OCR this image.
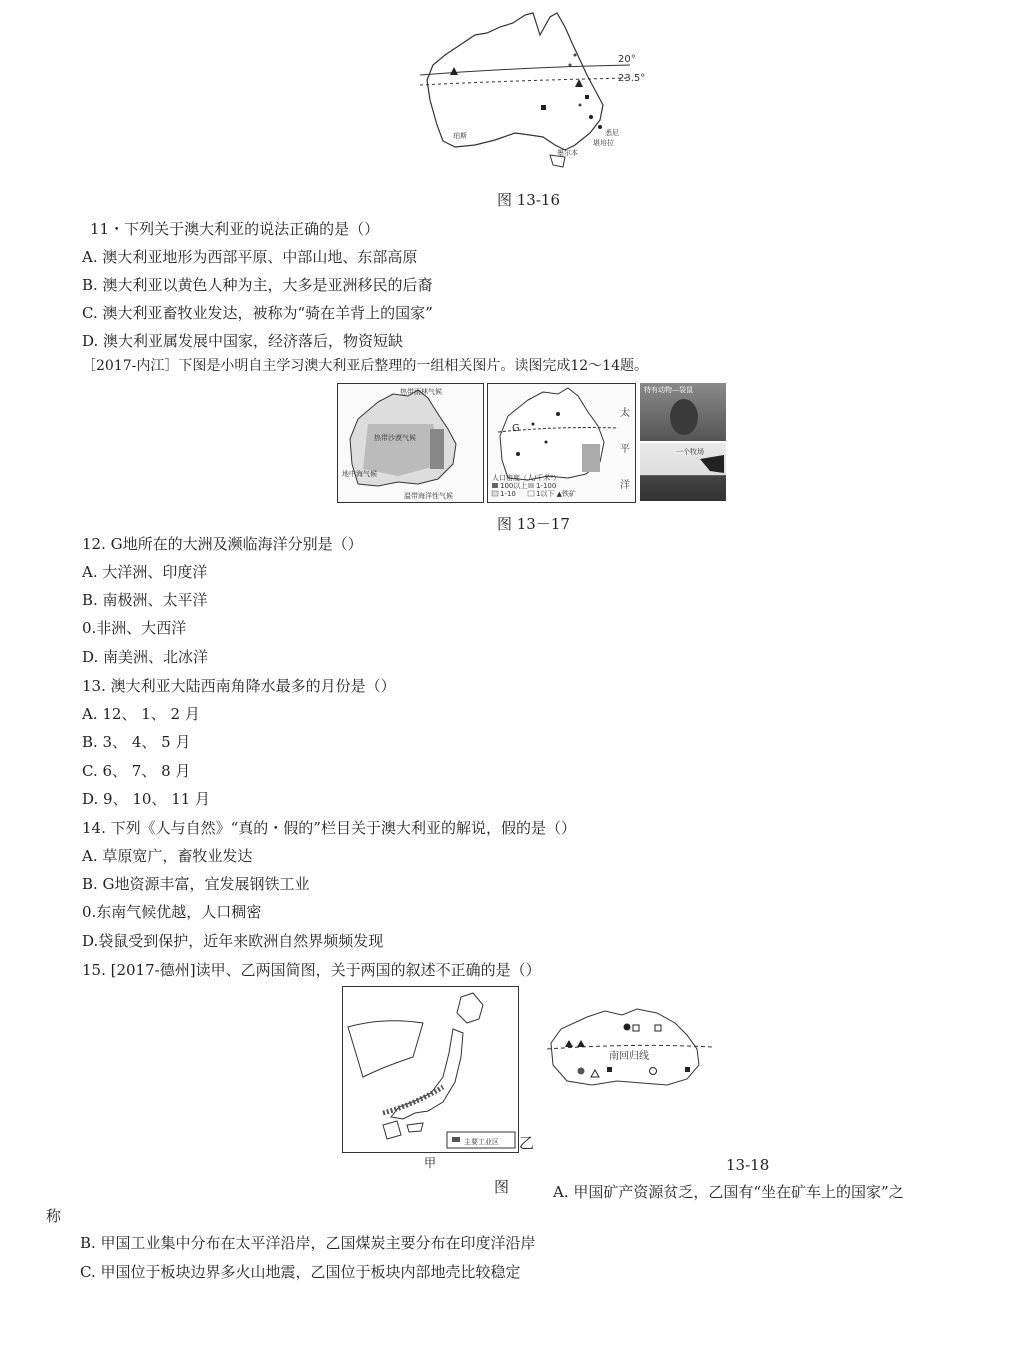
20°
23.5°
珀斯	悉尼
墨尔本
堪培拉
图 13-16
11・下列关于澳大利亚的说法正确的是（）
A. 澳大利亚地形为西部平原、中部山地、东部高原
B. 澳大利亚以黄色人种为主，大多是亚洲移民的后裔
C. 澳大利亚畜牧业发达，被称为“骑在羊背上的国家”
D. 澳大利亚属发展中国家，经济落后，物资短缺
［2017-内江］下图是小明自主学习澳大利亚后整理的一组相关图片。读图完成12～14题。
热带雨林气候
热带沙漠气候
地中海气候
温带海洋性气候
G
太
平
洋
人口密度（人/千米²）
100以上 1-100
1-10	1以下 ▲铁矿
特有动物—袋鼠
一个牧场
图 13－17
12. G地所在的大洲及濒临海洋分别是（）
A. 大洋洲、印度洋
B. 南极洲、太平洋
0.非洲、大西洋
D. 南美洲、北冰洋
13. 澳大利亚大陆西南角降水最多的月份是（）
A. 12、 1、 2 月
B. 3、 4、 5 月
C. 6、 7、 8 月
D. 9、 10、 11 月
14. 下列《人与自然》“真的・假的”栏目关于澳大利亚的解说，假的是（）
A. 草原宽广，畜牧业发达
B. G地资源丰富，宜发展钢铁工业
0.东南气候优越，人口稠密
D.袋鼠受到保护，近年来欧洲自然界频频发现
15. [2017-德州]读甲、乙两国简图，关于两国的叙述不正确的是（）
主要工业区 乙
甲
南回归线
13-18
图	A. 甲国矿产资源贫乏，乙国有“坐在矿车上的国家”之
称
B. 甲国工业集中分布在太平洋沿岸，乙国煤炭主要分布在印度洋沿岸
C. 甲国位于板块边界多火山地震，乙国位于板块内部地壳比较稳定
